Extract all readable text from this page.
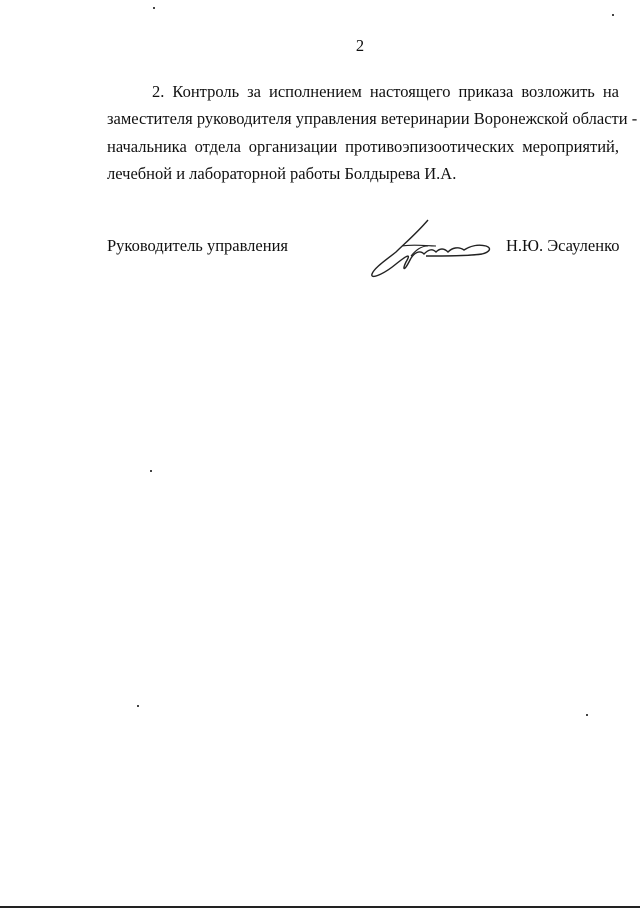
2
2. Контроль за исполнением настоящего приказа возложить на
заместителя руководителя управления ветеринарии Воронежской области -
начальника отдела организации противоэпизоотических мероприятий,
лечебной и лабораторной работы Болдырева И.А.
Руководитель управления	Н.Ю. Эсауленко
